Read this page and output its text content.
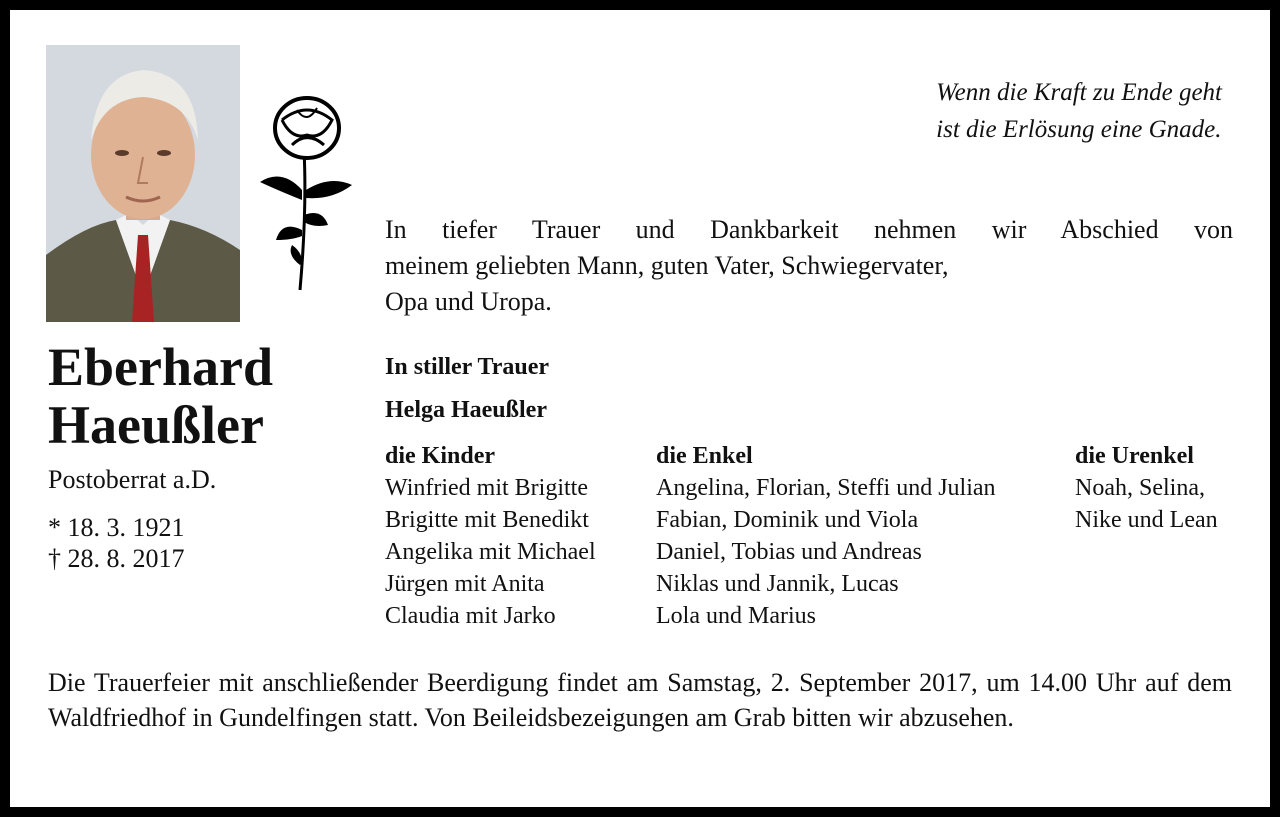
Wenn die Kraft zu Ende geht
ist die Erlösung eine Gnade.
In tiefer Trauer und Dankbarkeit nehmen wir Abschied von
meinem geliebten Mann, guten Vater, Schwiegervater,
Opa und Uropa.
Eberhard
Haeußler
Postoberrat a.D.
* 18. 3. 1921
† 28. 8. 2017
In stiller Trauer
Helga Haeußler
die Kinder
Winfried mit Brigitte
Brigitte mit Benedikt
Angelika mit Michael
Jürgen mit Anita
Claudia mit Jarko
die Enkel
Angelina, Florian, Steffi und Julian
Fabian, Dominik und Viola
Daniel, Tobias und Andreas
Niklas und Jannik, Lucas
Lola und Marius
die Urenkel
Noah, Selina,
Nike und Lean
Die Trauerfeier mit anschließender Beerdigung findet am Samstag, 2. September 2017, um 14.00 Uhr auf dem Waldfriedhof in Gundelfingen statt. Von Beileidsbezeigungen am Grab bitten wir abzusehen.
